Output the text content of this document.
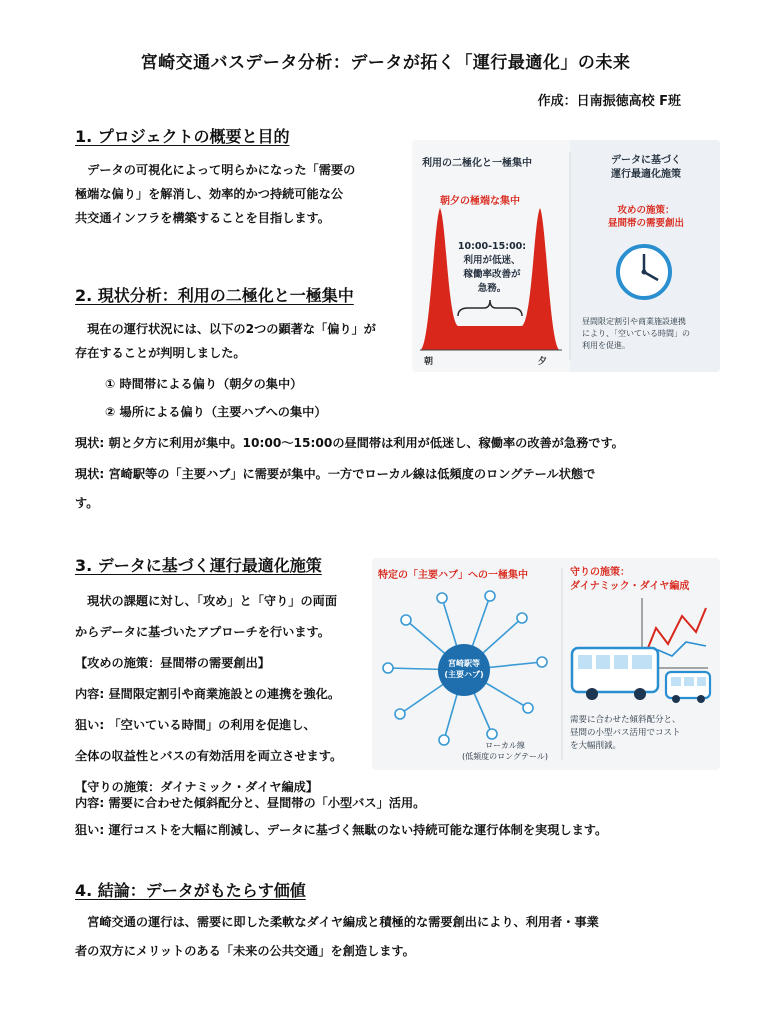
宮崎交通バスデータ分析：データが拓く「運行最適化」の未来
作成：日南振徳高校 F班
1. プロジェクトの概要と目的
　データの可視化によって明らかになった「需要の
極端な偏り」を解消し、効率的かつ持続可能な公
共交通インフラを構築することを目指します。
利用の二極化と一極集中
朝夕の極端な集中
10:00-15:00:
利用が低迷、
稼働率改善が
急務。
朝	夕
データに基づく
運行最適化施策
攻めの施策：
昼間帯の需要創出
昼間限定割引や商業施設連携
により、「空いている時間」の
利用を促進。
2. 現状分析：利用の二極化と一極集中
　現在の運行状況には、以下の2つの顕著な「偏り」が
存在することが判明しました。
① 時間帯による偏り（朝夕の集中）
② 場所による偏り（主要ハブへの集中）
現状: 朝と夕方に利用が集中。10:00～15:00の昼間帯は利用が低迷し、稼働率の改善が急務です。
現状: 宮崎駅等の「主要ハブ」に需要が集中。一方でローカル線は低頻度のロングテール状態で
す。
3. データに基づく運行最適化施策
　現状の課題に対し、「攻め」と「守り」の両面
からデータに基づいたアプローチを行います。
【攻めの施策：昼間帯の需要創出】
内容: 昼間限定割引や商業施設との連携を強化。
狙い: 「空いている時間」の利用を促進し、
全体の収益性とバスの有効活用を両立させます。
【守りの施策：ダイナミック・ダイヤ編成】
内容: 需要に合わせた傾斜配分と、昼間帯の「小型バス」活用。
狙い: 運行コストを大幅に削減し、データに基づく無駄のない持続可能な運行体制を実現します。
特定の「主要ハブ」への一極集中
宮崎駅等
(主要ハブ)
ローカル線
(低頻度のロングテール)
守りの施策：
ダイナミック・ダイヤ編成
需要に合わせた傾斜配分と、
昼間の小型バス活用でコスト
を大幅削減。
4. 結論：データがもたらす価値
　宮崎交通の運行は、需要に即した柔軟なダイヤ編成と積極的な需要創出により、利用者・事業
者の双方にメリットのある「未来の公共交通」を創造します。
